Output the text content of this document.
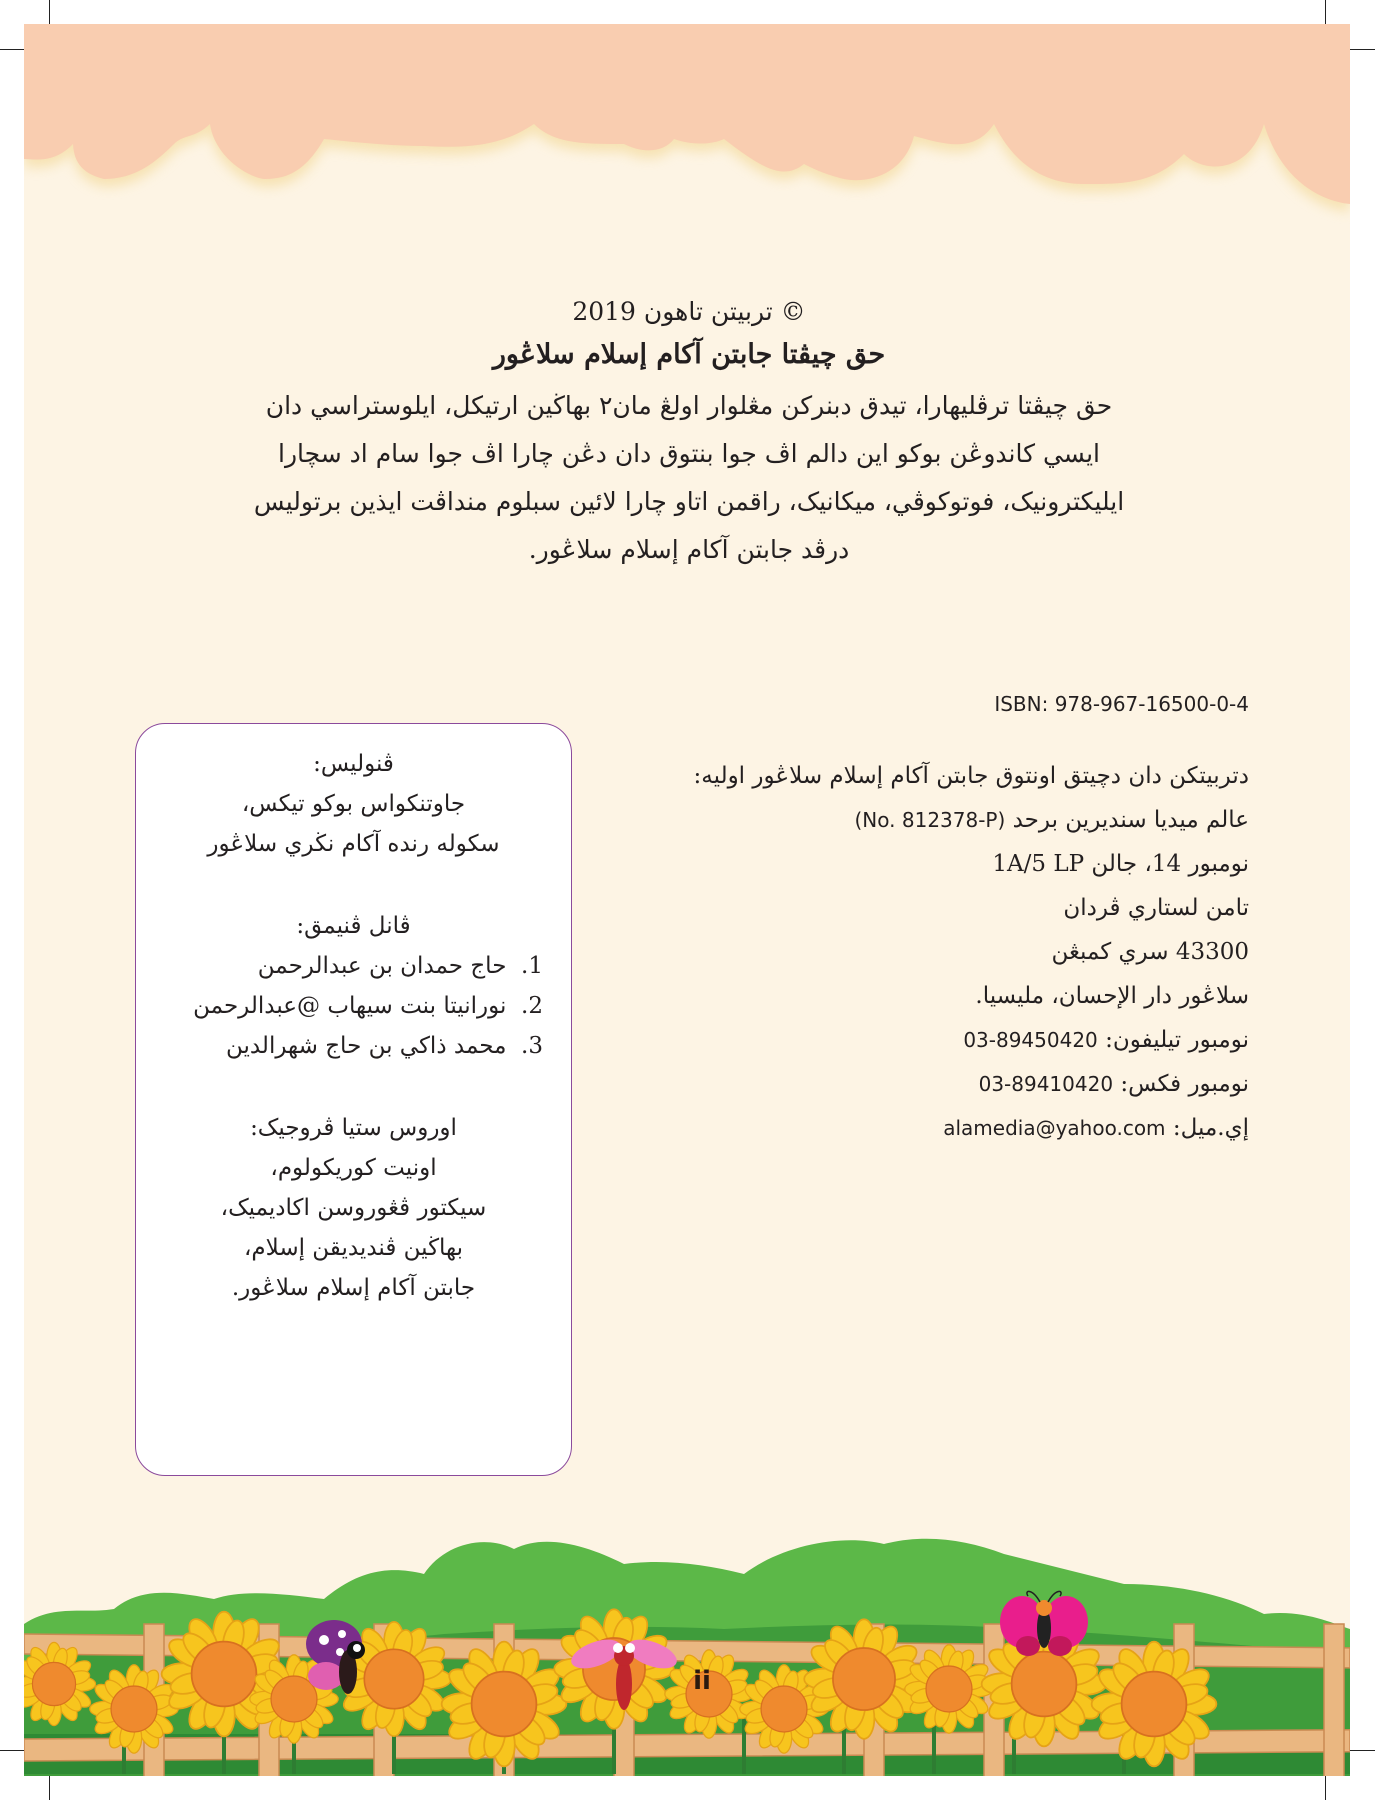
© تربيتن تاهون 2019
حق چيڤتا جابتن آكام إسلام سلاڠور
حق چيڤتا ترڤليهارا، تيدق دبنركن مڠلوار اولڠ مان٢ بهاڬين ارتيكل، ايلوستراسي دان
ايسي كاندوڠن بوكو اين دالم اڤ جوا بنتوق دان دڠن چارا اڤ جوا سام اد سچارا
ايليكترونيک، فوتوكوڤي، ميكانيک، راقمن اتاو چارا لائين سبلوم منداڤت ايذين برتوليس
درڤد جابتن آكام إسلام سلاڠور.
ISBN: 978-967-16500-0-4
دتربيتكن دان دچيتق اونتوق جابتن آكام إسلام سلاڠور اوليه:
عالم ميديا سنديرين برحد (No. 812378-P)
نومبور 14، جالن 1A/5 LP
تامن لستاري ڤردان
43300 سري كمبڠن
سلاڠور دار الإحسان، مليسيا.
نومبور تيليفون: 03-89450420
نومبور فكس: 03-89410420
إي.ميل: alamedia@yahoo.com
ڤنوليس:
جاوتنكواس بوكو تيكس،
سكوله رنده آكام نڬري سلاڠور
ڤانل ڤنيمق:
1.  حاج حمدان بن عبدالرحمن
2.  نورانيتا بنت سيهاب @عبدالرحمن
3.  محمد ذاكي بن حاج شهرالدين
اوروس ستيا ڤروجيک:
اونيت كوريكولوم،
سيكتور ڤڠوروسن اكاديميک،
بهاڬين ڤنديديقن إسلام،
جابتن آكام إسلام سلاڠور.
ii
